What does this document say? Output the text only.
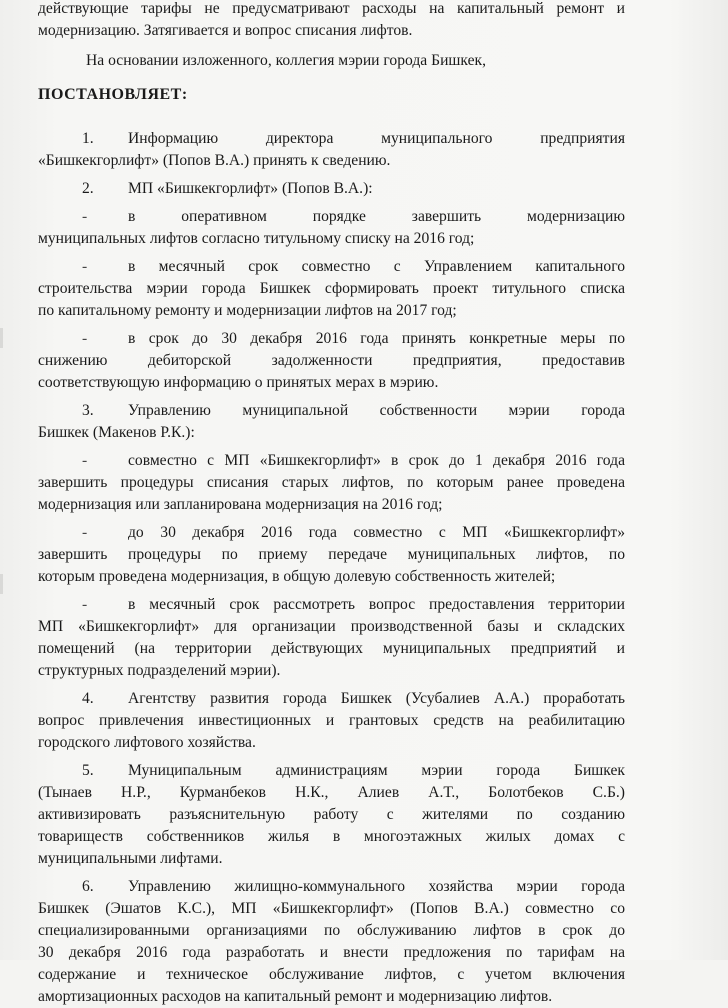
действующие тарифы не предусматривают расходы на капитальный ремонт и
модернизацию. Затягивается и вопрос списания лифтов.
На основании изложенного, коллегия мэрии города Бишкек,
ПОСТАНОВЛЯЕТ:
1. Информацию директора муниципального предприятия
«Бишкекгорлифт» (Попов В.А.) принять к сведению.
2. МП «Бишкекгорлифт» (Попов В.А.):
-	в оперативном порядке завершить модернизацию
муниципальных лифтов согласно титульному списку на 2016 год;
-	в месячный срок совместно с Управлением капитального
строительства мэрии города Бишкек сформировать проект титульного списка
по капитальному ремонту и модернизации лифтов на 2017 год;
-	в срок до 30 декабря 2016 года принять конкретные меры по
снижению дебиторской задолженности предприятия, предоставив
соответствующую информацию о принятых мерах в мэрию.
3. Управлению муниципальной собственности мэрии города
Бишкек (Макенов Р.К.):
-	совместно с МП «Бишкекгорлифт» в срок до 1 декабря 2016 года
завершить процедуры списания старых лифтов, по которым ранее проведена
модернизация или запланирована модернизация на 2016 год;
-	до 30 декабря 2016 года совместно с МП «Бишкекгорлифт»
завершить процедуры по приему передаче муниципальных лифтов, по
которым проведена модернизация, в общую долевую собственность жителей;
-	в месячный срок рассмотреть вопрос предоставления территории
МП «Бишкекгорлифт» для организации производственной базы и складских
помещений (на территории действующих муниципальных предприятий и
структурных подразделений мэрии).
4. Агентству развития города Бишкек (Усубалиев А.А.) проработать
вопрос привлечения инвестиционных и грантовых средств на реабилитацию
городского лифтового хозяйства.
5. Муниципальным администрациям мэрии города Бишкек
(Тынаев Н.Р., Курманбеков Н.К., Алиев А.Т., Болотбеков С.Б.)
активизировать разъяснительную работу с жителями по созданию
товариществ собственников жилья в многоэтажных жилых домах с
муниципальными лифтами.
6. Управлению жилищно-коммунального хозяйства мэрии города
Бишкек (Эшатов К.С.), МП «Бишкекгорлифт» (Попов В.А.) совместно со
специализированными организациями по обслуживанию лифтов в срок до
30 декабря 2016 года разработать и внести предложения по тарифам на
содержание и техническое обслуживание лифтов, с учетом включения
амортизационных расходов на капитальный ремонт и модернизацию лифтов.
